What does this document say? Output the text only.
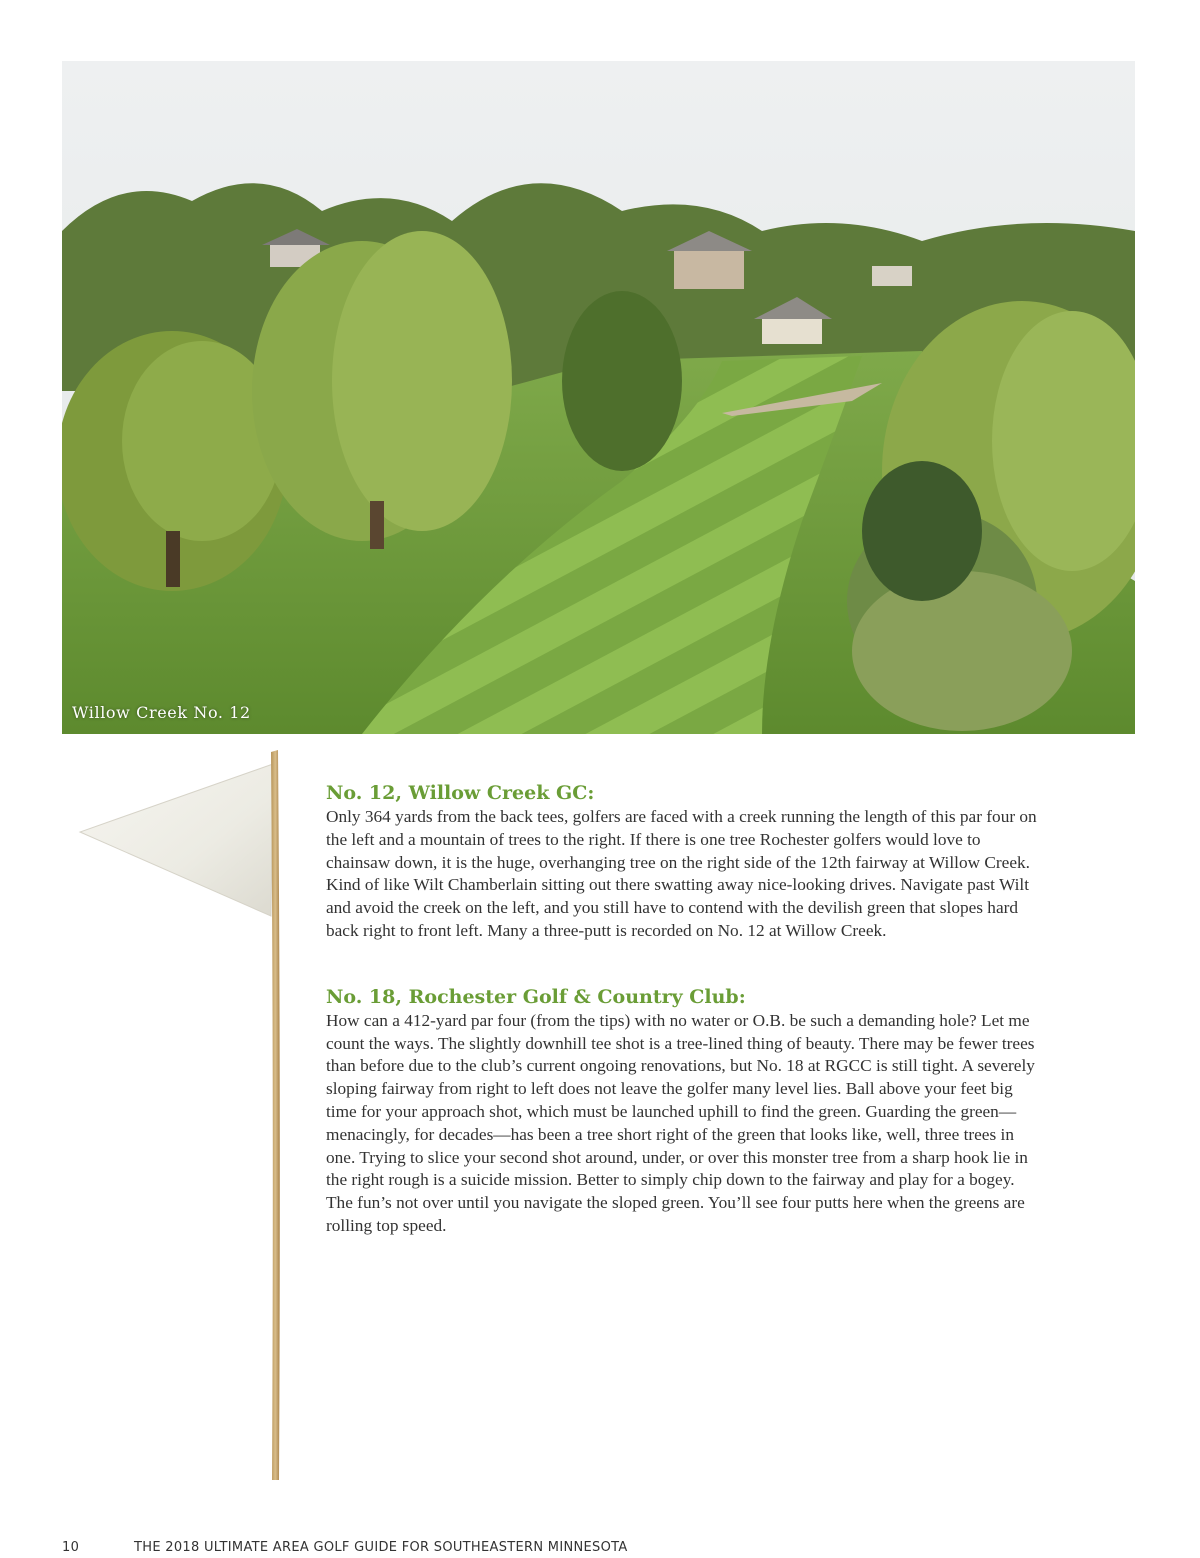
Willow Creek No. 12
No. 12, Willow Creek GC:

Only 364 yards from the back tees, golfers are faced with a creek running the length of this par four on the left and a mountain of trees to the right. If there is one tree Rochester golfers would love to chainsaw down, it is the huge, overhanging tree on the right side of the 12th fairway at Willow Creek. Kind of like Wilt Chamberlain sitting out there swatting away nice-looking drives. Navigate past Wilt and avoid the creek on the left, and you still have to contend with the devilish green that slopes hard back right to front left. Many a three-putt is recorded on No. 12 at Willow Creek.

No. 18, Rochester Golf & Country Club:

How can a 412-yard par four (from the tips) with no water or O.B. be such a demanding hole? Let me count the ways. The slightly downhill tee shot is a tree-lined thing of beauty. There may be fewer trees than before due to the club’s current ongoing renovations, but No. 18 at RGCC is still tight. A severely sloping fairway from right to left does not leave the golfer many level lies. Ball above your feet big time for your approach shot, which must be launched uphill to find the green. Guarding the green—menacingly, for decades—has been a tree short right of the green that looks like, well, three trees in one. Trying to slice your second shot around, under, or over this monster tree from a sharp hook lie in the right rough is a suicide mission. Better to simply chip down to the fairway and play for a bogey. The fun’s not over until you navigate the sloped green. You’ll see four putts here when the greens are rolling top speed.

10	THE 2018 ULTIMATE AREA GOLF GUIDE FOR SOUTHEASTERN MINNESOTA
